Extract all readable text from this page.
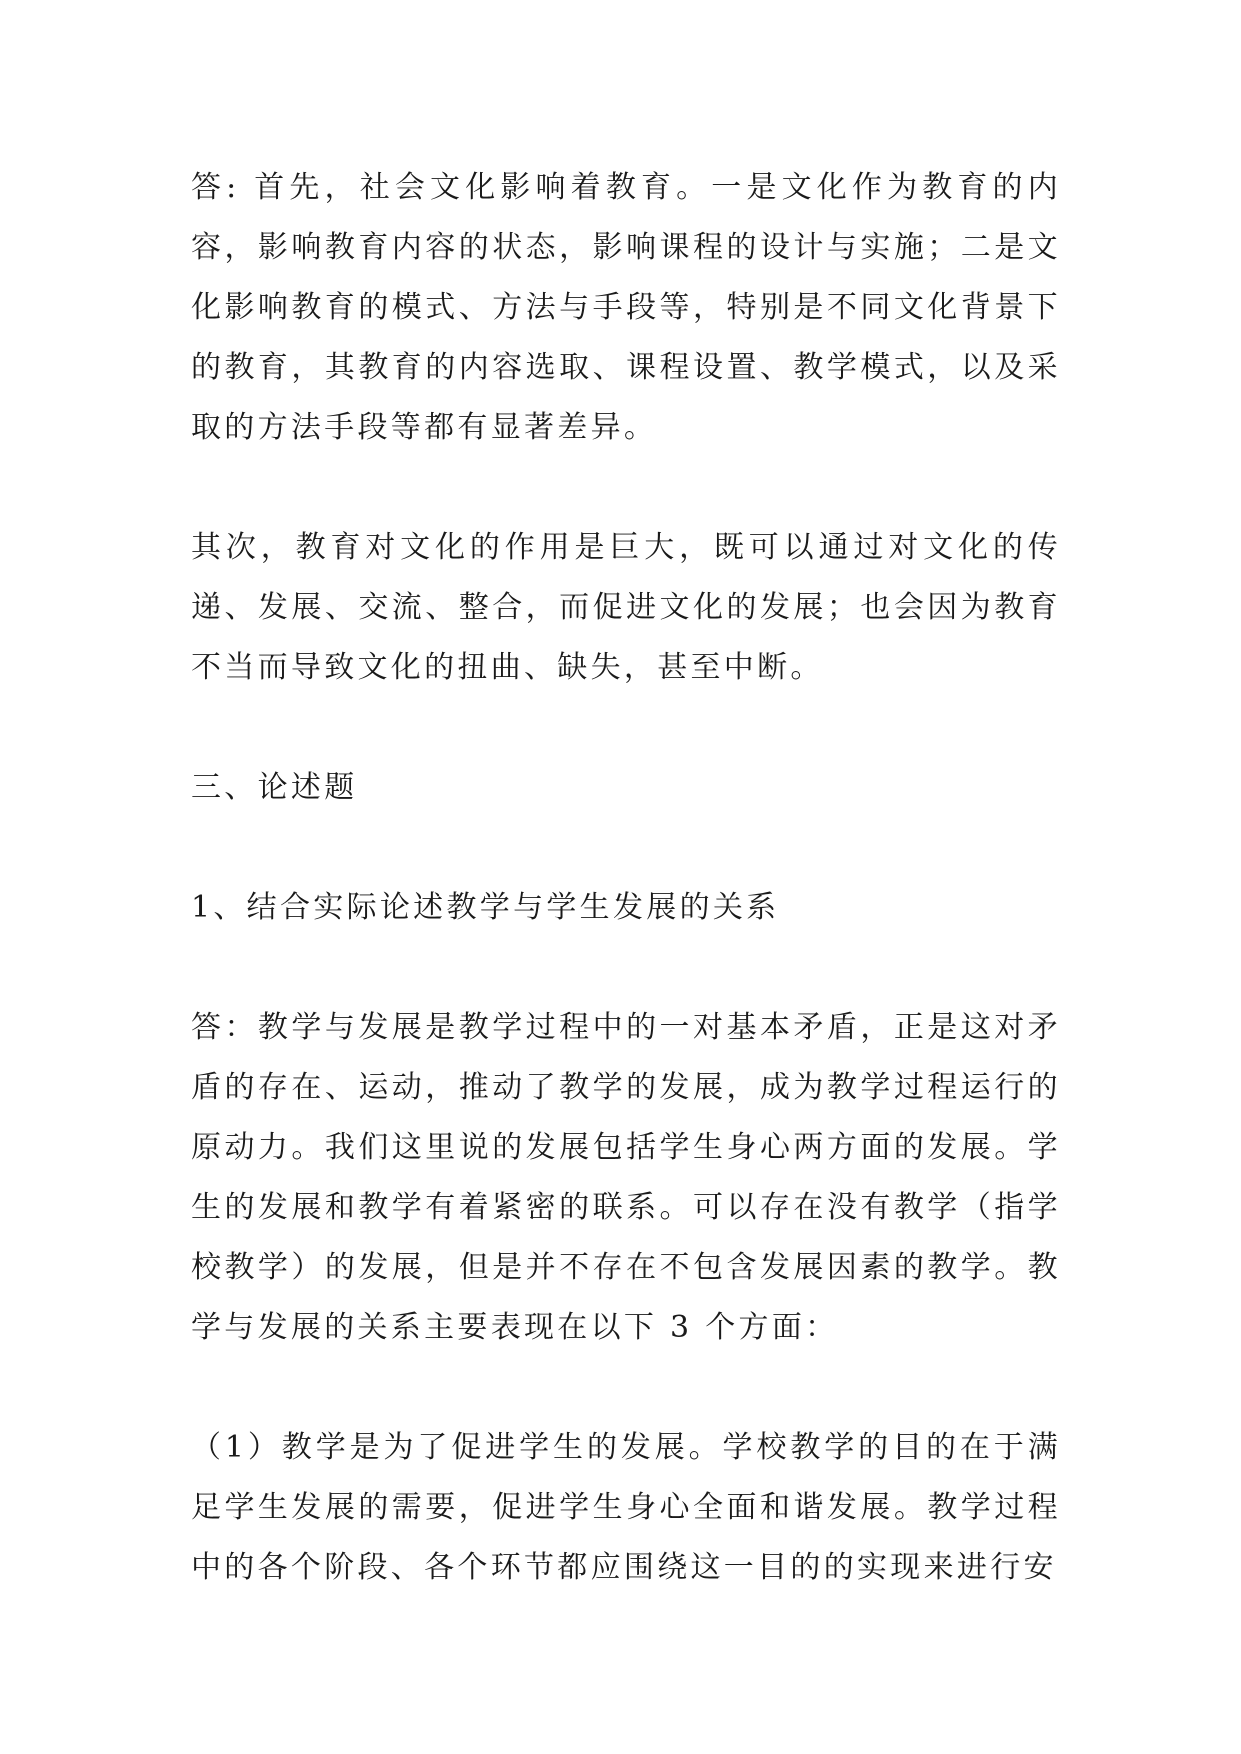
答: 首先，社会文化影响着教育。一是文化作为教育的内容，影响教育内容的状态，影响课程的设计与实施；二是文化影响教育的模式、方法与手段等，特别是不同文化背景下的教育，其教育的内容选取、课程设置、教学模式，以及采取的方法手段等都有显著差异。

其次，教育对文化的作用是巨大，既可以通过对文化的传递、发展、交流、整合，而促进文化的发展；也会因为教育不当而导致文化的扭曲、缺失，甚至中断。

三、论述题

1、结合实际论述教学与学生发展的关系

答：教学与发展是教学过程中的一对基本矛盾，正是这对矛盾的存在、运动，推动了教学的发展，成为教学过程运行的原动力。我们这里说的发展包括学生身心两方面的发展。学生的发展和教学有着紧密的联系。可以存在没有教学（指学校教学）的发展，但是并不存在不包含发展因素的教学。教学与发展的关系主要表现在以下 3 个方面：

（1）教学是为了促进学生的发展。学校教学的目的在于满足学生发展的需要，促进学生身心全面和谐发展。教学过程中的各个阶段、各个环节都应围绕这一目的的实现来进行安
